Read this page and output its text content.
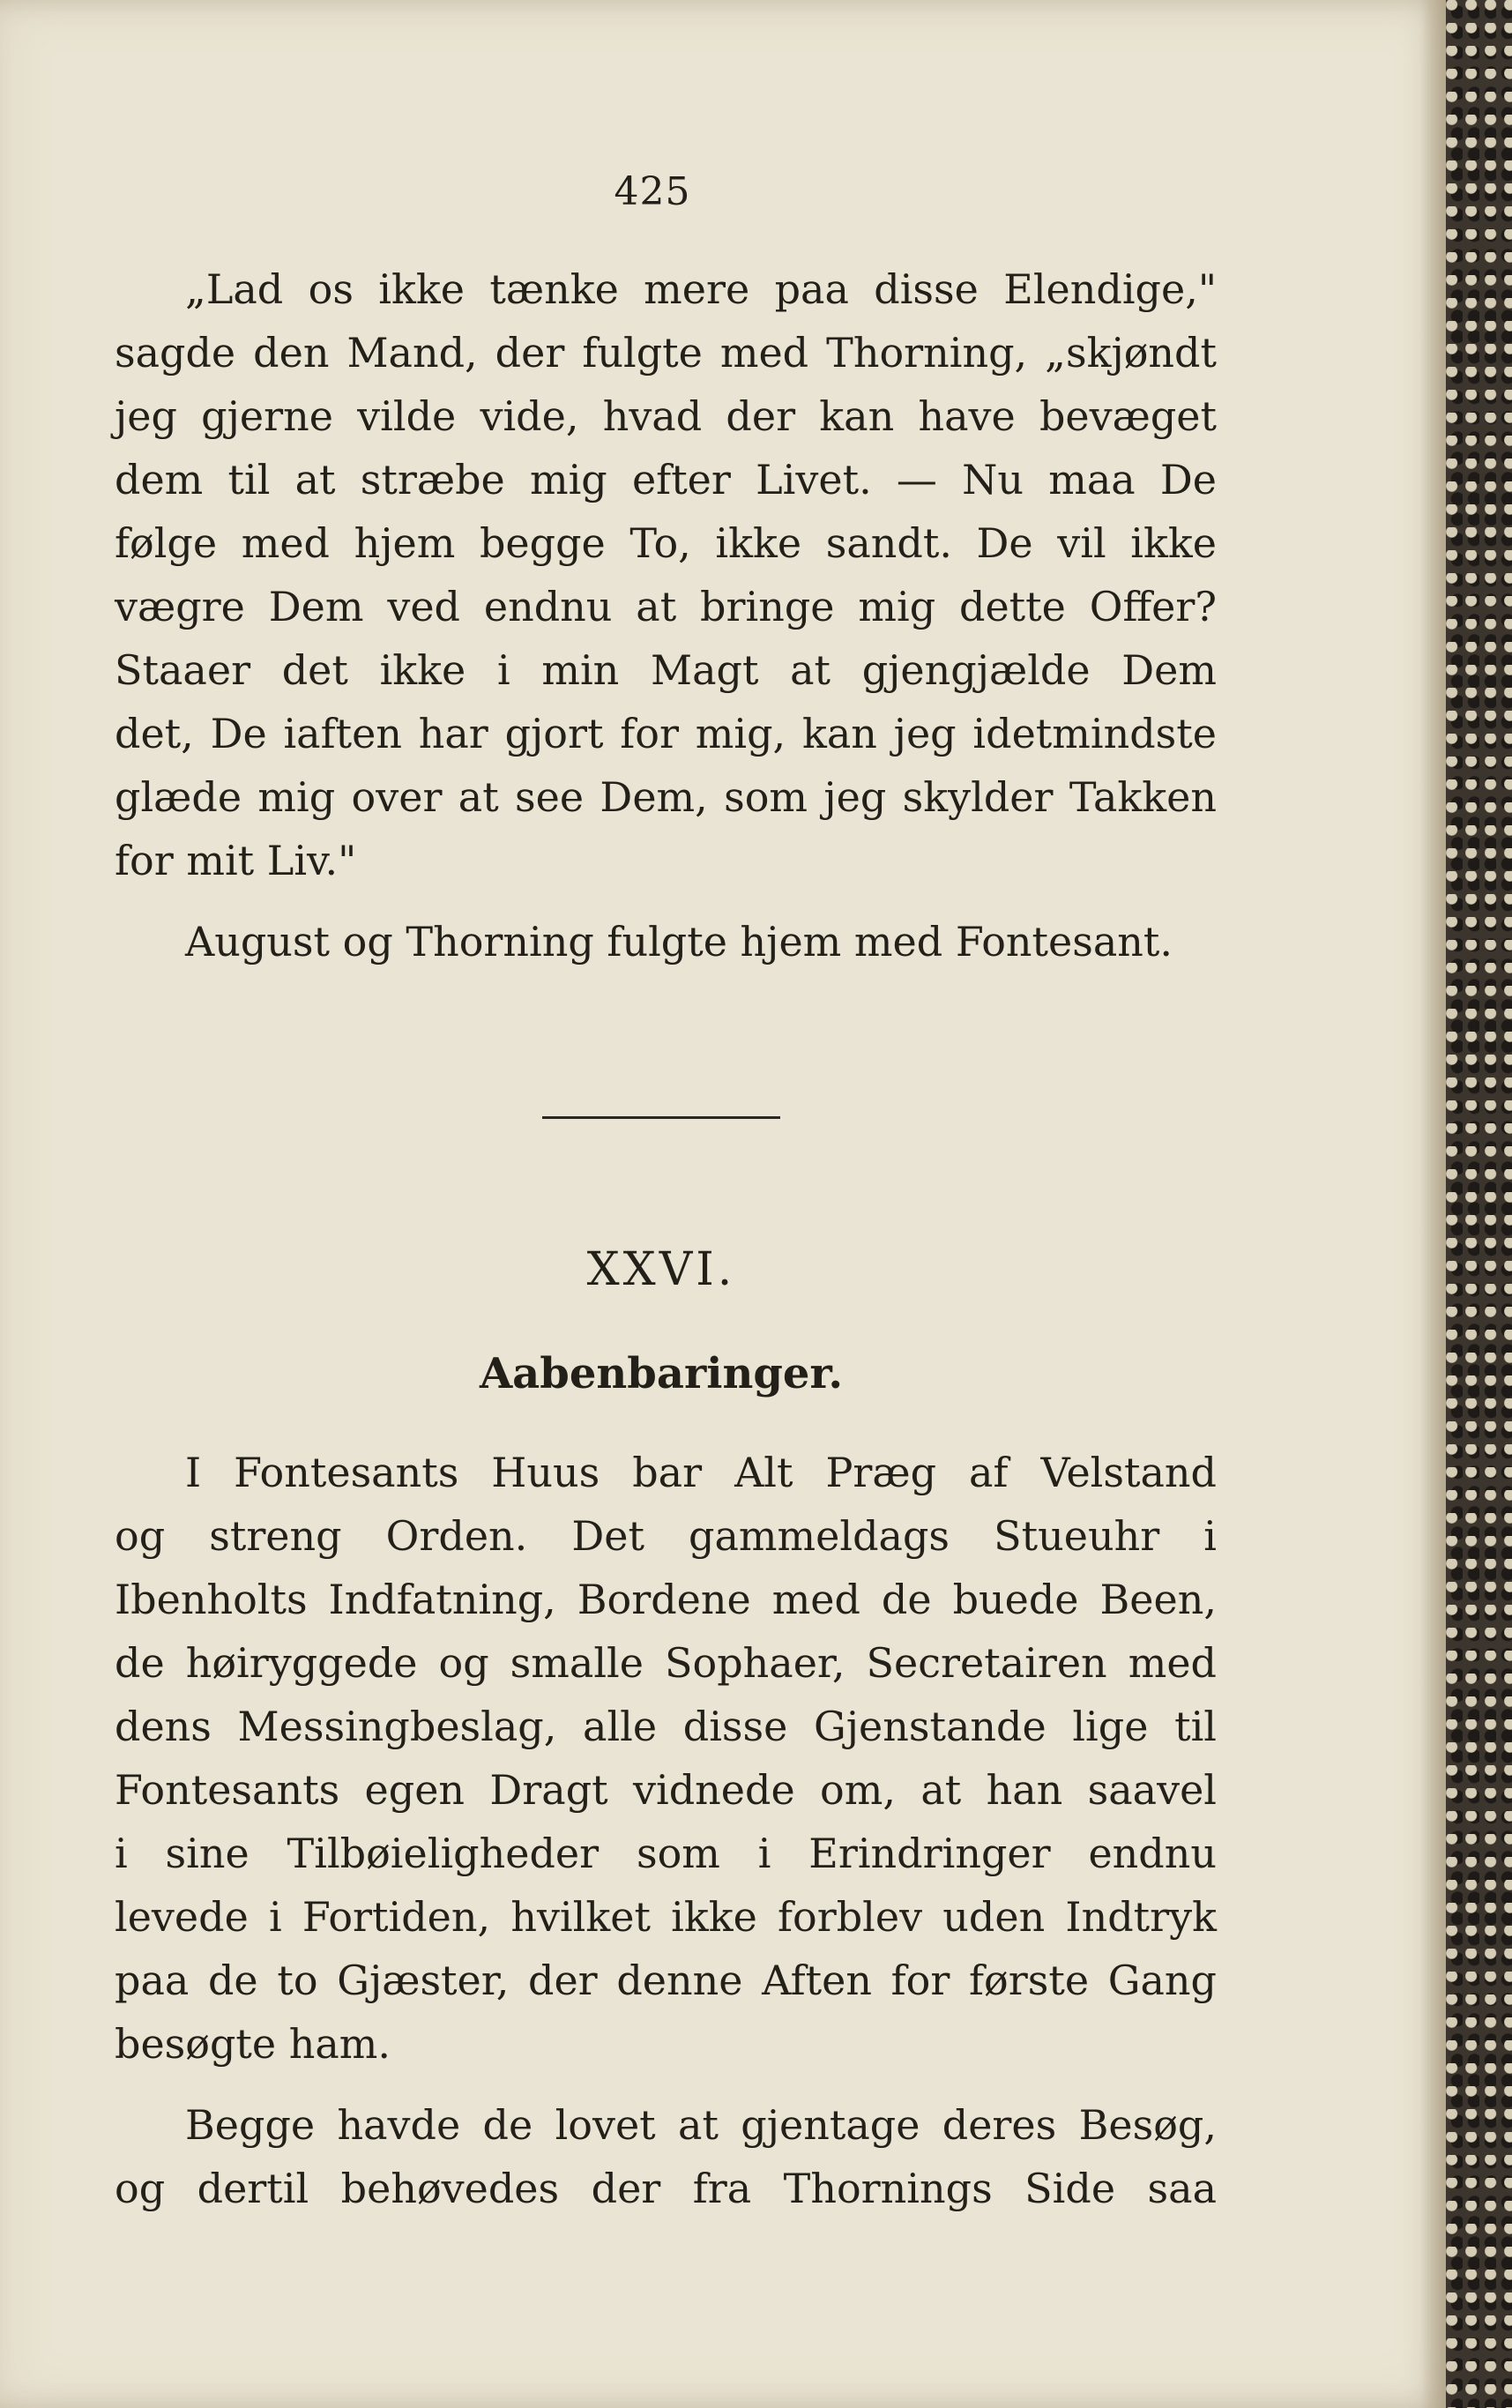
425
„Lad os ikke tænke mere paa disse Elendige,"
sagde den Mand, der fulgte med Thorning, „skjøndt
jeg gjerne vilde vide, hvad der kan have bevæget
dem til at stræbe mig efter Livet. — Nu maa De
følge med hjem begge To, ikke sandt. De vil ikke
vægre Dem ved endnu at bringe mig dette Offer?
Staaer det ikke i min Magt at gjengjælde Dem
det, De iaften har gjort for mig, kan jeg idetmindste
glæde mig over at see Dem, som jeg skylder Takken
for mit Liv."
August og Thorning fulgte hjem med Fontesant.
XXVI.
Aabenbaringer.
I Fontesants Huus bar Alt Præg af Velstand
og streng Orden. Det gammeldags Stueuhr i
Ibenholts Indfatning, Bordene med de buede Been,
de høiryggede og smalle Sophaer, Secretairen med
dens Messingbeslag, alle disse Gjenstande lige til
Fontesants egen Dragt vidnede om, at han saavel
i sine Tilbøieligheder som i Erindringer endnu
levede i Fortiden, hvilket ikke forblev uden Indtryk
paa de to Gjæster, der denne Aften for første Gang
besøgte ham.
Begge havde de lovet at gjentage deres Besøg,
og dertil behøvedes der fra Thornings Side saa
